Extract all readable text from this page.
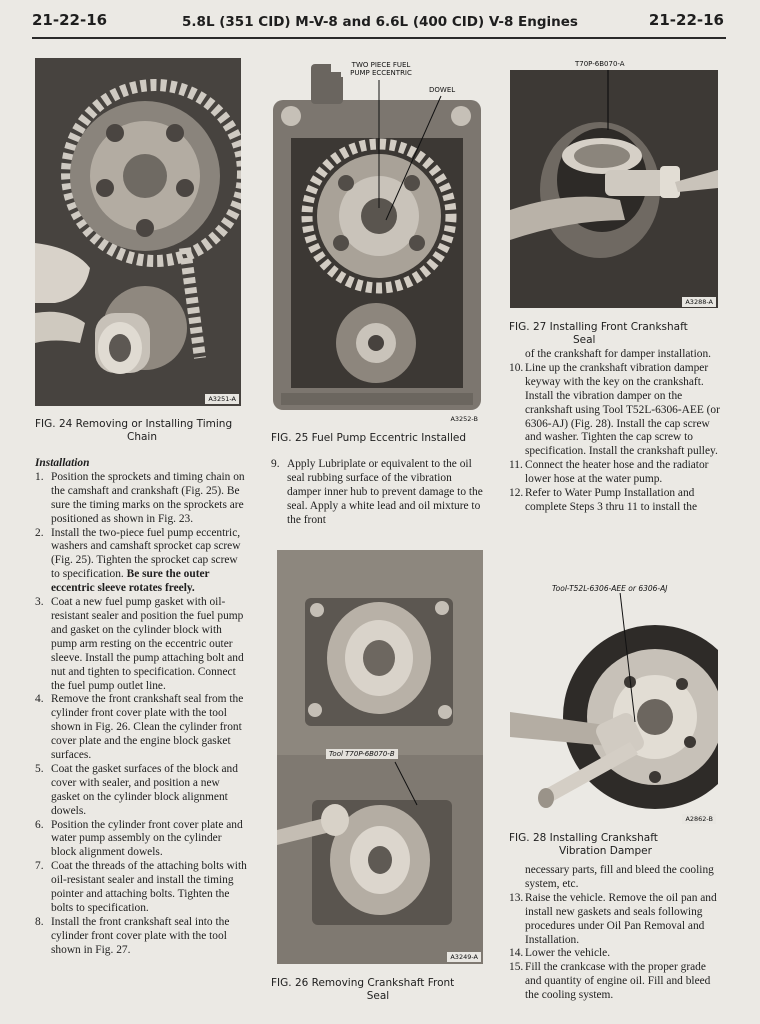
21-22-16	5.8L (351 CID) M-V-8 and 6.6L (400 CID) V-8 Engines	21-22-16
A3251-A
FIG. 24 Removing or Installing Timing
Chain
TWO PIECE FUEL
PUMP ECCENTRIC
DOWEL
A3252-B
FIG. 25 Fuel Pump Eccentric Installed
A3288-A
T70P-6B070-A
FIG. 27 Installing Front Crankshaft
Seal
Tool T70P-6B070-B
A3249-A
FIG. 26 Removing Crankshaft Front
Seal
A2862-B
Tool-T52L-6306-AEE or 6306-AJ
FIG. 28 Installing Crankshaft
Vibration Damper

Installation

1. Position the sprockets and timing chain on the camshaft and crankshaft (Fig. 25). Be sure the timing marks on the sprockets are positioned as shown in Fig. 23.
2. Install the two-piece fuel pump eccentric, washers and camshaft sprocket cap screw (Fig. 25). Tighten the sprocket cap screw to specification. Be sure the outer eccentric sleeve rotates freely.
3. Coat a new fuel pump gasket with oil-resistant sealer and position the fuel pump and gasket on the cylinder block with pump arm resting on the eccentric outer sleeve. Install the pump attaching bolt and nut and tighten to specification. Connect the fuel pump outlet line.
4. Remove the front crankshaft seal from the cylinder front cover plate with the tool shown in Fig. 26. Clean the cylinder front cover plate and the engine block gasket surfaces.
5. Coat the gasket surfaces of the block and cover with sealer, and position a new gasket on the cylinder block alignment dowels.
6. Position the cylinder front cover plate and water pump assembly on the cylinder block alignment dowels.
7. Coat the threads of the attaching bolts with oil-resistant sealer and install the timing pointer and attaching bolts. Tighten the bolts to specification.
8. Install the front crankshaft seal into the cylinder front cover plate with the tool shown in Fig. 27.
9. Apply Lubriplate or equivalent to the oil seal rubbing surface of the vibration damper inner hub to prevent damage to the seal. Apply a white lead and oil mixture to the front

of the crankshaft for damper installation.

10. Line up the crankshaft vibration damper keyway with the key on the crankshaft. Install the vibration damper on the crankshaft using Tool T52L-6306-AEE (or 6306-AJ) (Fig. 28). Install the cap screw and washer. Tighten the cap screw to specification. Install the crankshaft pulley.
11. Connect the heater hose and the radiator lower hose at the water pump.
12. Refer to Water Pump Installation and complete Steps 3 thru 11 to install the

necessary parts, fill and bleed the cooling system, etc.

13. Raise the vehicle. Remove the oil pan and install new gaskets and seals following procedures under Oil Pan Removal and Installation.
14. Lower the vehicle.
15. Fill the crankcase with the proper grade and quantity of engine oil. Fill and bleed the cooling system.
